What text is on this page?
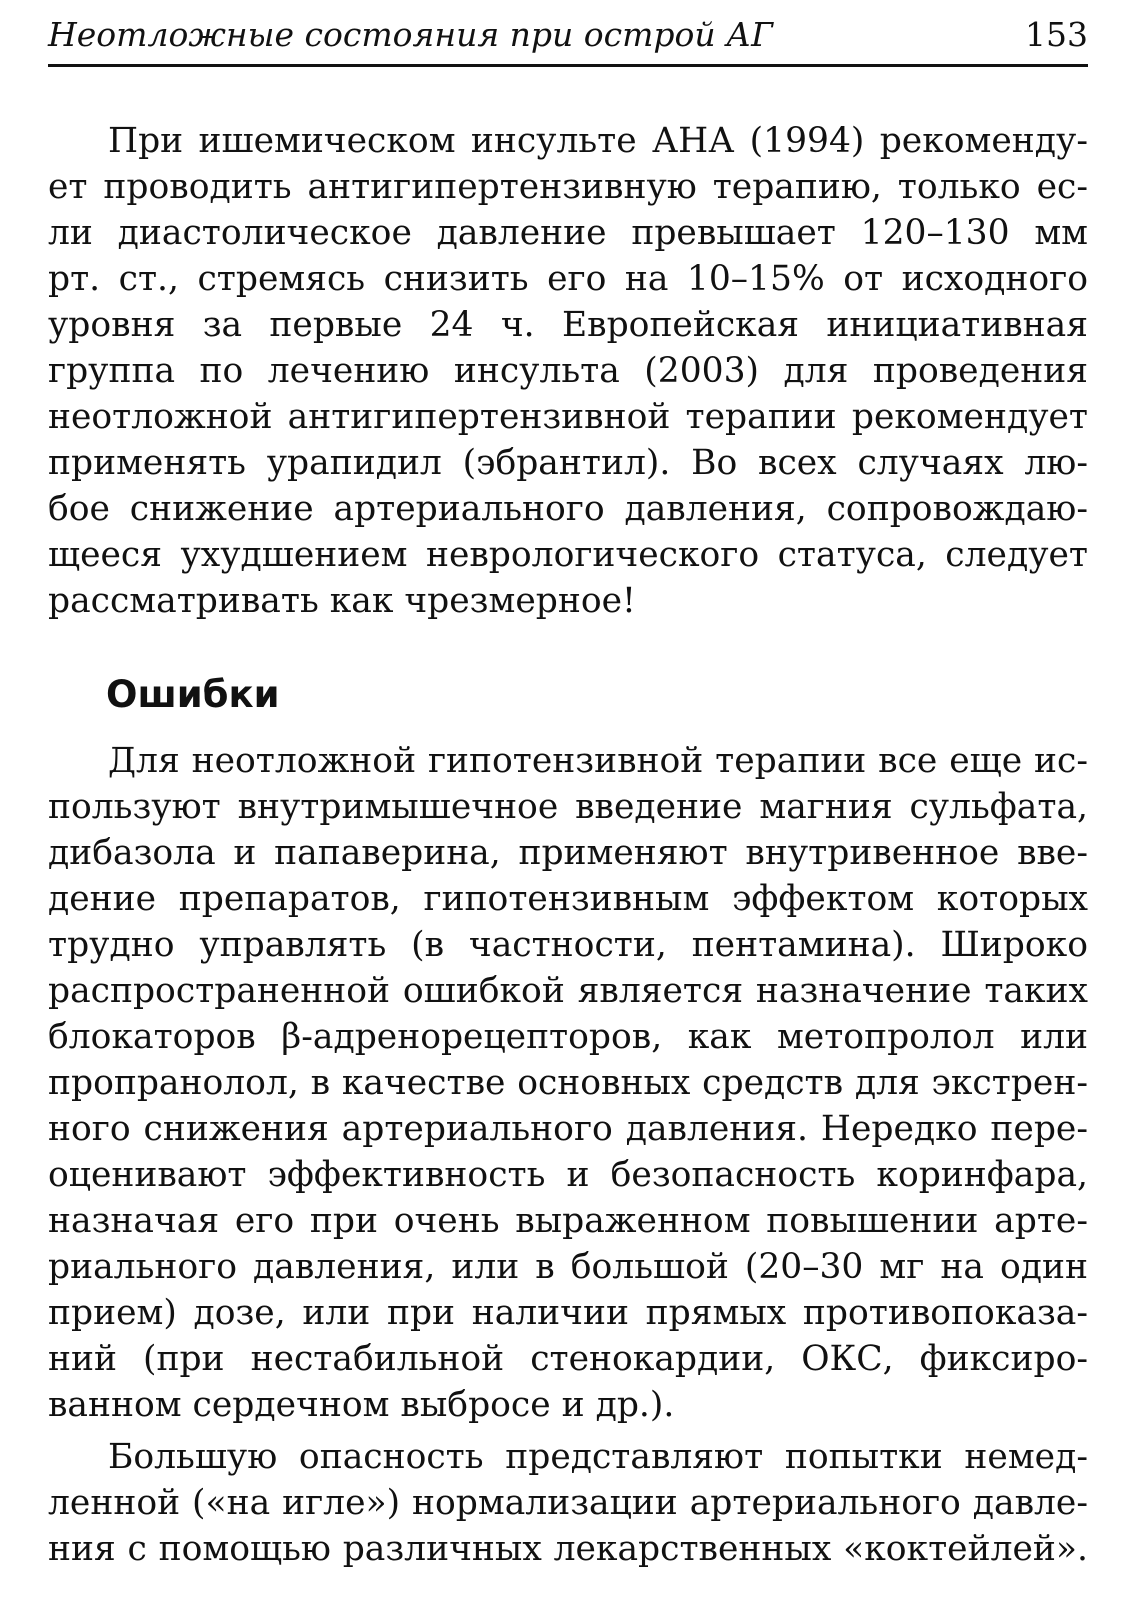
Неотложные состояния при острой АГ	153
При ишемическом инсульте АНА (1994) рекоменду-
ет проводить антигипертензивную терапию, только ес-
ли диастолическое давление превышает 120–130 мм
рт. ст., стремясь снизить его на 10–15% от исходного
уровня за первые 24 ч. Европейская инициативная
группа по лечению инсульта (2003) для проведения
неотложной антигипертензивной терапии рекомендует
применять урапидил (эбрантил). Во всех случаях лю-
бое снижение артериального давления, сопровождаю-
щееся ухудшением неврологического статуса, следует
рассматривать как чрезмерное!
Ошибки
Для неотложной гипотензивной терапии все еще ис-
пользуют внутримышечное введение магния сульфата,
дибазола и папаверина, применяют внутривенное вве-
дение препаратов, гипотензивным эффектом которых
трудно управлять (в частности, пентамина). Широко
распространенной ошибкой является назначение таких
блокаторов β-адренорецепторов, как метопролол или
пропранолол, в качестве основных средств для экстрен-
ного снижения артериального давления. Нередко пере-
оценивают эффективность и безопасность коринфара,
назначая его при очень выраженном повышении арте-
риального давления, или в большой (20–30 мг на один
прием) дозе, или при наличии прямых противопоказа-
ний (при нестабильной стенокардии, ОКС, фиксиро-
ванном сердечном выбросе и др.).
Большую опасность представляют попытки немед-
ленной («на игле») нормализации артериального давле-
ния с помощью различных лекарственных «коктейлей».
